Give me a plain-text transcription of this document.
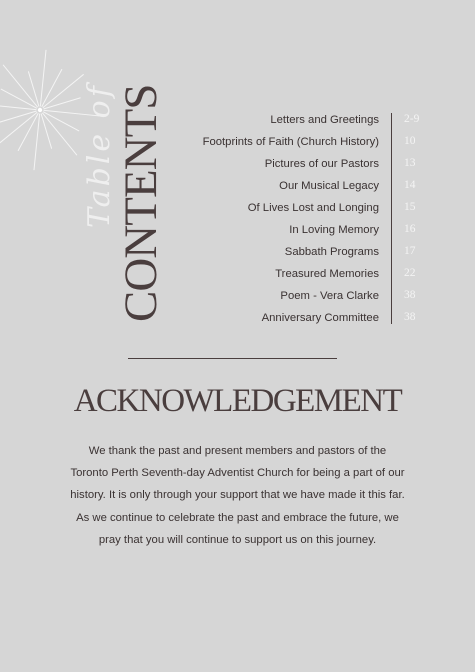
Table of
CONTENTS	Letters and Greetings 2-9
Footprints of Faith (Church History) 10
Pictures of our Pastors 13
Our Musical Legacy 14
Of Lives Lost and Longing 15
In Loving Memory 16
Sabbath Programs 17
Treasured Memories 22
Poem - Vera Clarke 38
Anniversary Committee 38
ACKNOWLEDGEMENT

We thank the past and present members and pastors of the Toronto Perth Seventh-day Adventist Church for being a part of our history. It is only through your support that we have made it this far. As we continue to celebrate the past and embrace the future, we pray that you will continue to support us on this journey.
